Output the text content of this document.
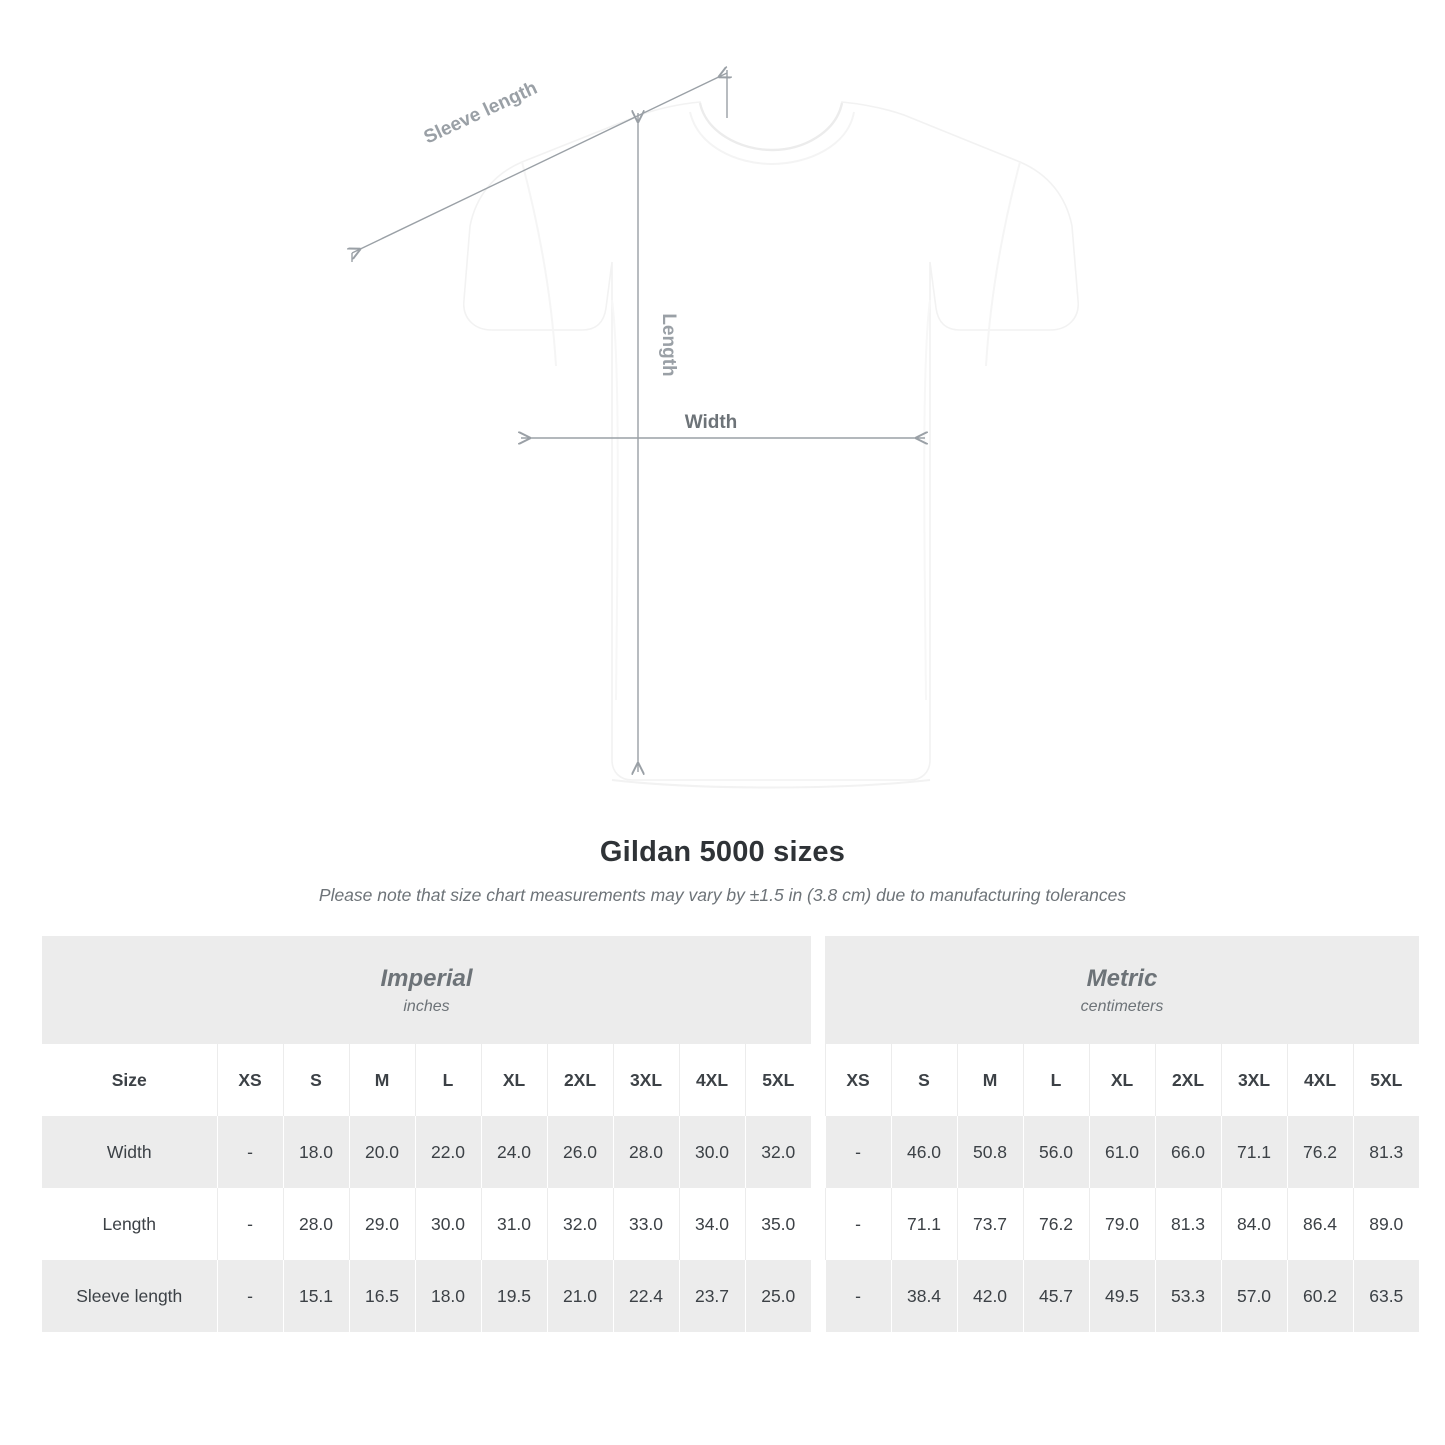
Sleeve length
Length
Width
Gildan 5000 sizes
Please note that size chart measurements may vary by ±1.5 in (3.8 cm) due to manufacturing tolerances
Imperial
inches

Metric
centimeters

Size	XS	S	M	L	XL	2XL	3XL	4XL	5XL		XS	S	M	L	XL	2XL	3XL	4XL	5XL
Width	-	18.0	20.0	22.0	24.0	26.0	28.0	30.0	32.0		-	46.0	50.8	56.0	61.0	66.0	71.1	76.2	81.3
Length	-	28.0	29.0	30.0	31.0	32.0	33.0	34.0	35.0		-	71.1	73.7	76.2	79.0	81.3	84.0	86.4	89.0
Sleeve length	-	15.1	16.5	18.0	19.5	21.0	22.4	23.7	25.0		-	38.4	42.0	45.7	49.5	53.3	57.0	60.2	63.5
